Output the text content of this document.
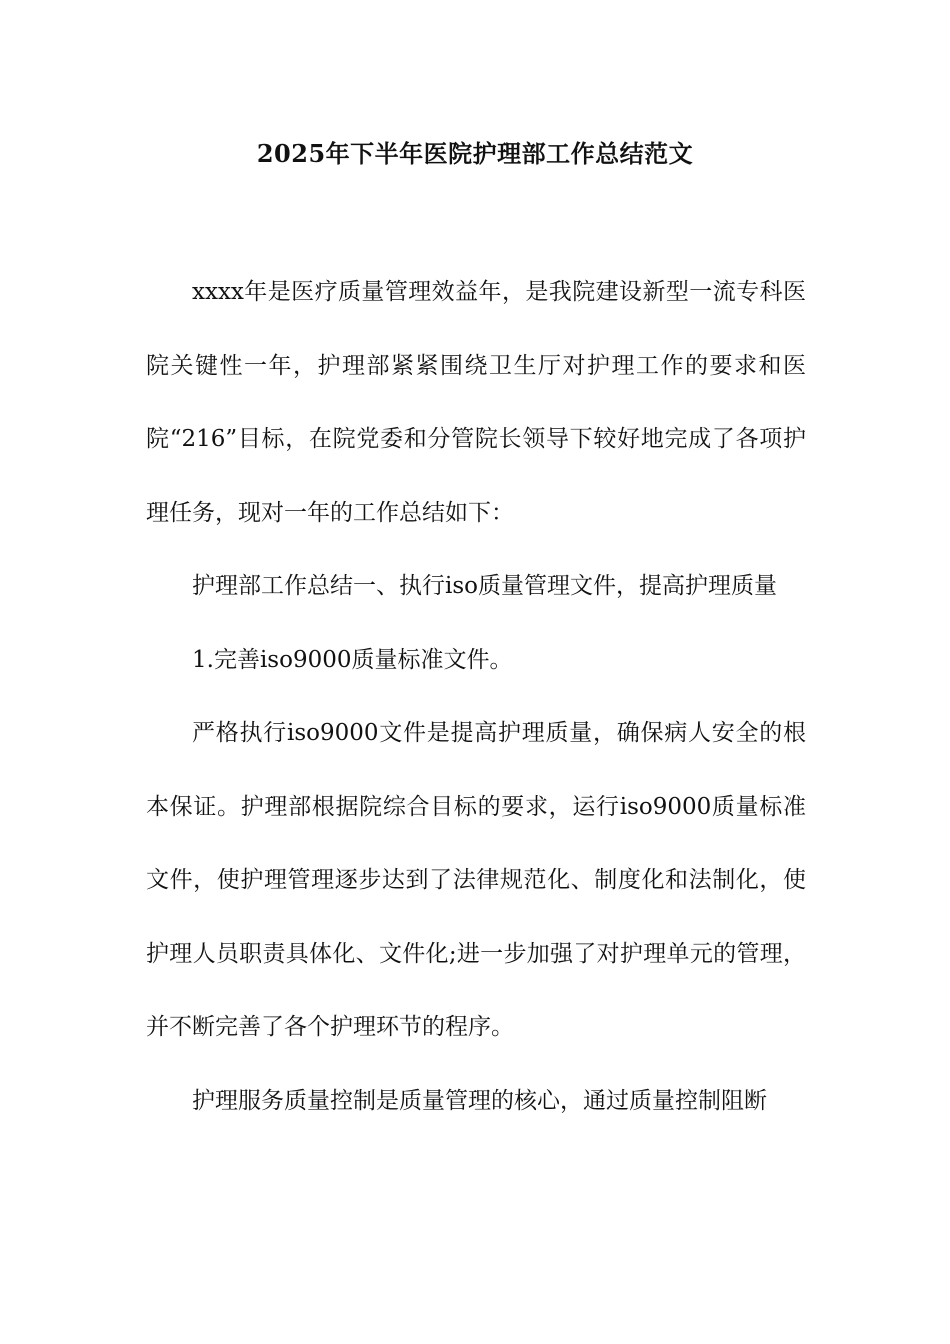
2025年下半年医院护理部工作总结范文

xxxx年是医疗质量管理效益年，是我院建设新型一流专科医院关键性一年，护理部紧紧围绕卫生厅对护理工作的要求和医院“216”目标，在院党委和分管院长领导下较好地完成了各项护理任务，现对一年的工作总结如下：

护理部工作总结一、执行iso质量管理文件，提高护理质量

1.完善iso9000质量标准文件。

严格执行iso9000文件是提高护理质量，确保病人安全的根本保证。护理部根据院综合目标的要求，运行iso9000质量标准文件，使护理管理逐步达到了法律规范化、制度化和法制化，使护理人员职责具体化、文件化;进一步加强了对护理单元的管理，并不断完善了各个护理环节的程序。

护理服务质量控制是质量管理的核心，通过质量控制阻断
